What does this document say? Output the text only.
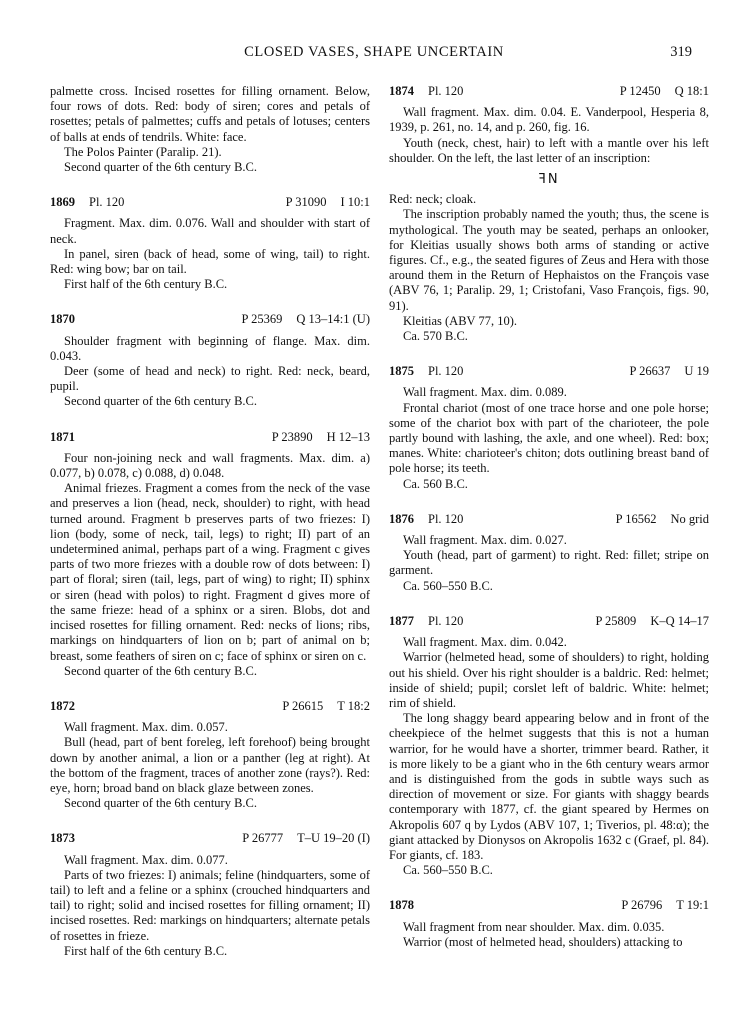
CLOSED VASES, SHAPE UNCERTAIN	319

palmette cross. Incised rosettes for filling ornament. Below, four rows of dots. Red: body of siren; cores and petals of rosettes; petals of palmettes; cuffs and petals of lotuses; centers of balls at ends of tendrils. White: face.

The Polos Painter (Paralip. 21).

Second quarter of the 6th century B.C.

1869 Pl. 120	P 31090 I 10:1

Fragment. Max. dim. 0.076. Wall and shoulder with start of neck.

In panel, siren (back of head, some of wing, tail) to right. Red: wing bow; bar on tail.

First half of the 6th century B.C.

1870	P 25369 Q 13–14:1 (U)

Shoulder fragment with beginning of flange. Max. dim. 0.043.

Deer (some of head and neck) to right. Red: neck, beard, pupil.

Second quarter of the 6th century B.C.

1871	P 23890 H 12–13

Four non-joining neck and wall fragments. Max. dim. a) 0.077, b) 0.078, c) 0.088, d) 0.048.

Animal friezes. Fragment a comes from the neck of the vase and preserves a lion (head, neck, shoulder) to right, with head turned around. Fragment b preserves parts of two friezes: I) lion (body, some of neck, tail, legs) to right; II) part of an undetermined animal, perhaps part of a wing. Fragment c gives parts of two more friezes with a double row of dots between: I) part of floral; siren (tail, legs, part of wing) to right; II) sphinx or siren (head with polos) to right. Fragment d gives more of the same frieze: head of a sphinx or a siren. Blobs, dot and incised rosettes for filling ornament. Red: necks of lions; ribs, markings on hindquarters of lion on b; part of animal on b; breast, some feathers of siren on c; face of sphinx or siren on c.

Second quarter of the 6th century B.C.

1872	P 26615 T 18:2

Wall fragment. Max. dim. 0.057.

Bull (head, part of bent foreleg, left forehoof) being brought down by another animal, a lion or a panther (leg at right). At the bottom of the fragment, traces of another zone (rays?). Red: eye, horn; broad band on black glaze between zones.

Second quarter of the 6th century B.C.

1873	P 26777 T–U 19–20 (I)

Wall fragment. Max. dim. 0.077.

Parts of two friezes: I) animals; feline (hindquarters, some of tail) to left and a feline or a sphinx (crouched hindquarters and tail) to right; solid and incised rosettes for filling ornament; II) incised rosettes. Red: markings on hindquarters; alternate petals of rosettes in frieze.

First half of the 6th century B.C.

1874 Pl. 120	P 12450 Q 18:1

Wall fragment. Max. dim. 0.04. E. Vanderpool, Hesperia 8, 1939, p. 261, no. 14, and p. 260, fig. 16.

Youth (neck, chest, hair) to left with a mantle over his left shoulder. On the left, the last letter of an inscription:

ꟻN

Red: neck; cloak.

The inscription probably named the youth; thus, the scene is mythological. The youth may be seated, perhaps an onlooker, for Kleitias usually shows both arms of standing or active figures. Cf., e.g., the seated figures of Zeus and Hera with those around them in the Return of Hephaistos on the François vase (ABV 76, 1; Paralip. 29, 1; Cristofani, Vaso François, figs. 90, 91).

Kleitias (ABV 77, 10).

Ca. 570 B.C.

1875 Pl. 120	P 26637 U 19

Wall fragment. Max. dim. 0.089.

Frontal chariot (most of one trace horse and one pole horse; some of the chariot box with part of the charioteer, the pole partly bound with lashing, the axle, and one wheel). Red: box; manes. White: charioteer's chiton; dots outlining breast band of pole horse; its teeth.

Ca. 560 B.C.

1876 Pl. 120	P 16562 No grid

Wall fragment. Max. dim. 0.027.

Youth (head, part of garment) to right. Red: fillet; stripe on garment.

Ca. 560–550 B.C.

1877 Pl. 120	P 25809 K–Q 14–17

Wall fragment. Max. dim. 0.042.

Warrior (helmeted head, some of shoulders) to right, holding out his shield. Over his right shoulder is a baldric. Red: helmet; inside of shield; pupil; corslet left of baldric. White: helmet; rim of shield.

The long shaggy beard appearing below and in front of the cheekpiece of the helmet suggests that this is not a human warrior, for he would have a shorter, trimmer beard. Rather, it is more likely to be a giant who in the 6th century wears armor and is distinguished from the gods in subtle ways such as direction of movement or size. For giants with shaggy beards contemporary with 1877, cf. the giant speared by Hermes on Akropolis 607 q by Lydos (ABV 107, 1; Tiverios, pl. 48:α); the giant attacked by Dionysos on Akropolis 1632 c (Graef, pl. 84). For giants, cf. 183.

Ca. 560–550 B.C.

1878	P 26796 T 19:1

Wall fragment from near shoulder. Max. dim. 0.035.

Warrior (most of helmeted head, shoulders) attacking to
